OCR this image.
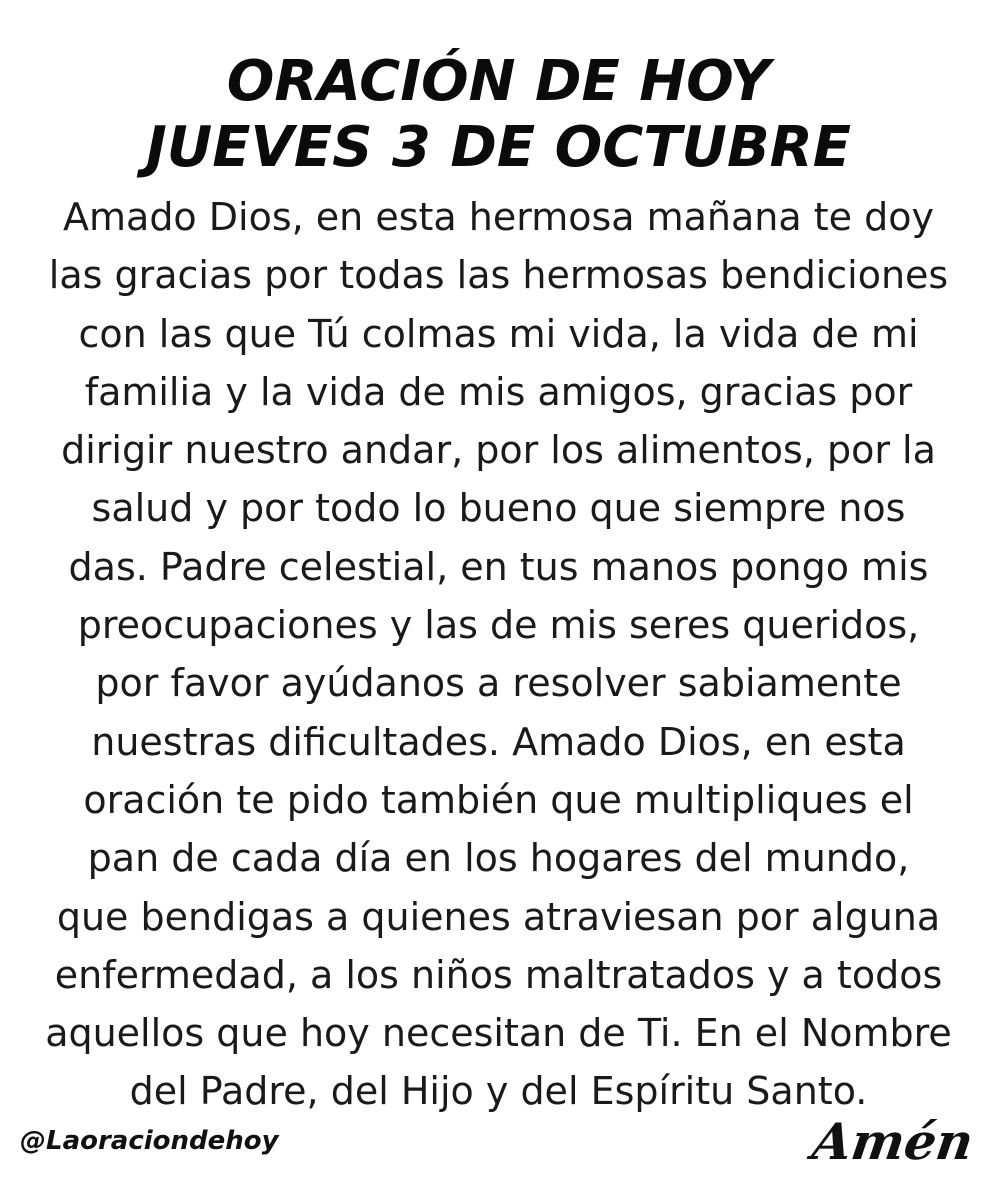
ORACIÓN DE HOY
JUEVES 3 DE OCTUBRE
Amado Dios, en esta hermosa mañana te doy
las gracias por todas las hermosas bendiciones
con las que Tú colmas mi vida, la vida de mi
familia y la vida de mis amigos, gracias por
dirigir nuestro andar, por los alimentos, por la
salud y por todo lo bueno que siempre nos
das. Padre celestial, en tus manos pongo mis
preocupaciones y las de mis seres queridos,
por favor ayúdanos a resolver sabiamente
nuestras dificultades. Amado Dios, en esta
oración te pido también que multipliques el
pan de cada día en los hogares del mundo,
que bendigas a quienes atraviesan por alguna
enfermedad, a los niños maltratados y a todos
aquellos que hoy necesitan de Ti. En el Nombre
del Padre, del Hijo y del Espíritu Santo.
@Laoraciondehoy	Amén
